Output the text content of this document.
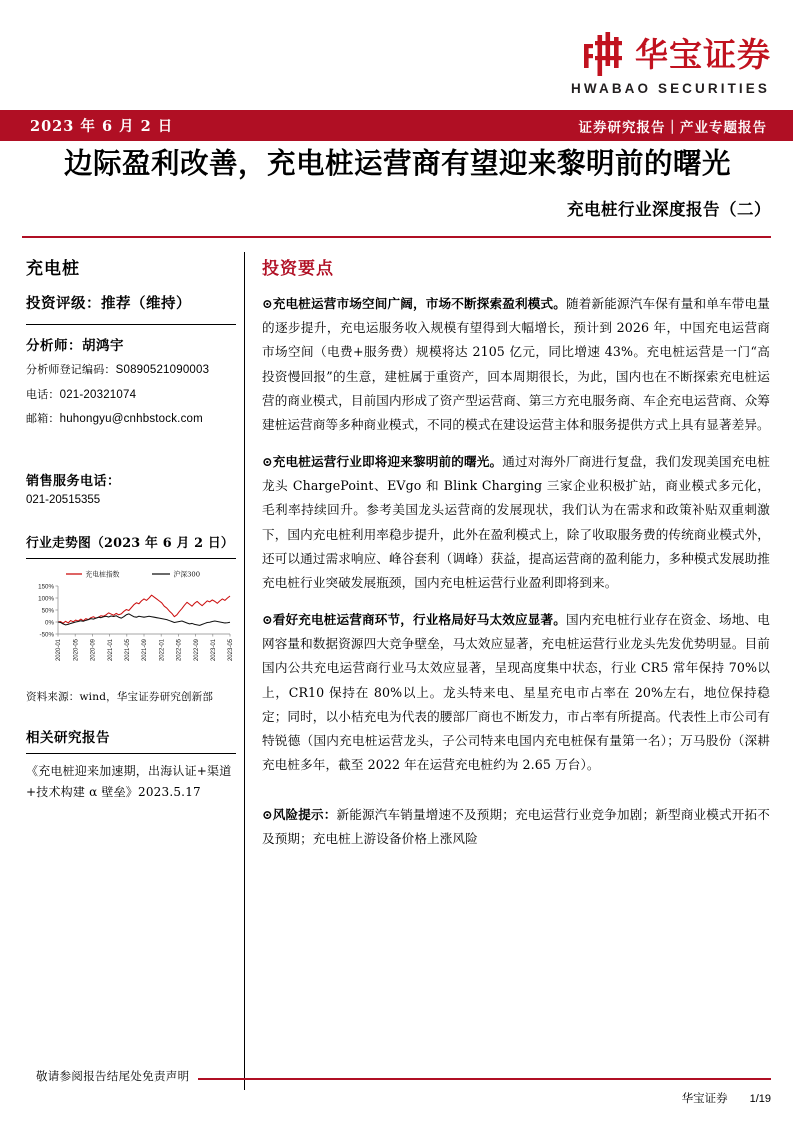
华宝证券
HWABAO SECURITIES
2023 年 6 月 2 日	证券研究报告｜产业专题报告
边际盈利改善，充电桩运营商有望迎来黎明前的曙光
充电桩行业深度报告（二）
充电桩
投资评级：推荐（维持）
分析师：胡鸿宇
分析师登记编码：S0890521090003
电话：021-20321074
邮箱：huhongyu@cnhbstock.com
销售服务电话：
021-20515355
行业走势图（2023 年 6 月 2 日）
150%
100%
50%
0%
-50%
2020-01 2020-05 2020-09 2021-01 2021-05 2021-09 2022-01 2022-05 2022-09 2023-01 2023-05
充电桩指数	沪深300
资料来源：wind，华宝证券研究创新部
相关研究报告
《充电桩迎来加速期，出海认证+渠道+技术构建 α 壁垒》2023.5.17
投资要点

⊙充电桩运营市场空间广阔，市场不断探索盈利模式。随着新能源汽车保有量和单车带电量的逐步提升，充电运服务收入规模有望得到大幅增长，预计到 2026 年，中国充电运营商市场空间（电费+服务费）规模将达 2105 亿元，同比增速 43%。充电桩运营是一门“高投资慢回报”的生意，建桩属于重资产，回本周期很长，为此，国内也在不断探索充电桩运营的商业模式，目前国内形成了资产型运营商、第三方充电服务商、车企充电运营商、众筹建桩运营商等多种商业模式，不同的模式在建设运营主体和服务提供方式上具有显著差异。

⊙充电桩运营行业即将迎来黎明前的曙光。通过对海外厂商进行复盘，我们发现美国充电桩龙头 ChargePoint、EVgo 和 Blink Charging 三家企业积极扩站，商业模式多元化，毛利率持续回升。参考美国龙头运营商的发展现状，我们认为在需求和政策补贴双重刺激下，国内充电桩利用率稳步提升，此外在盈利模式上，除了收取服务费的传统商业模式外，还可以通过需求响应、峰谷套利（调峰）获益，提高运营商的盈利能力，多种模式发展助推充电桩行业突破发展瓶颈，国内充电桩运营行业盈利即将到来。

⊙看好充电桩运营商环节，行业格局好马太效应显著。国内充电桩行业存在资金、场地、电网容量和数据资源四大竞争壁垒，马太效应显著，充电桩运营行业龙头先发优势明显。目前国内公共充电运营商行业马太效应显著，呈现高度集中状态，行业 CR5 常年保持 70%以上，CR10 保持在 80%以上。龙头特来电、星星充电市占率在 20%左右，地位保持稳定；同时，以小桔充电为代表的腰部厂商也不断发力，市占率有所提高。代表性上市公司有特锐德（国内充电桩运营龙头，子公司特来电国内充电桩保有量第一名）；万马股份（深耕充电桩多年，截至 2022 年在运营充电桩约为 2.65 万台）。

⊙风险提示：新能源汽车销量增速不及预期；充电运营行业竞争加剧；新型商业模式开拓不及预期；充电桩上游设备价格上涨风险

敬请参阅报告结尾处免责声明
华宝证券 1/19
